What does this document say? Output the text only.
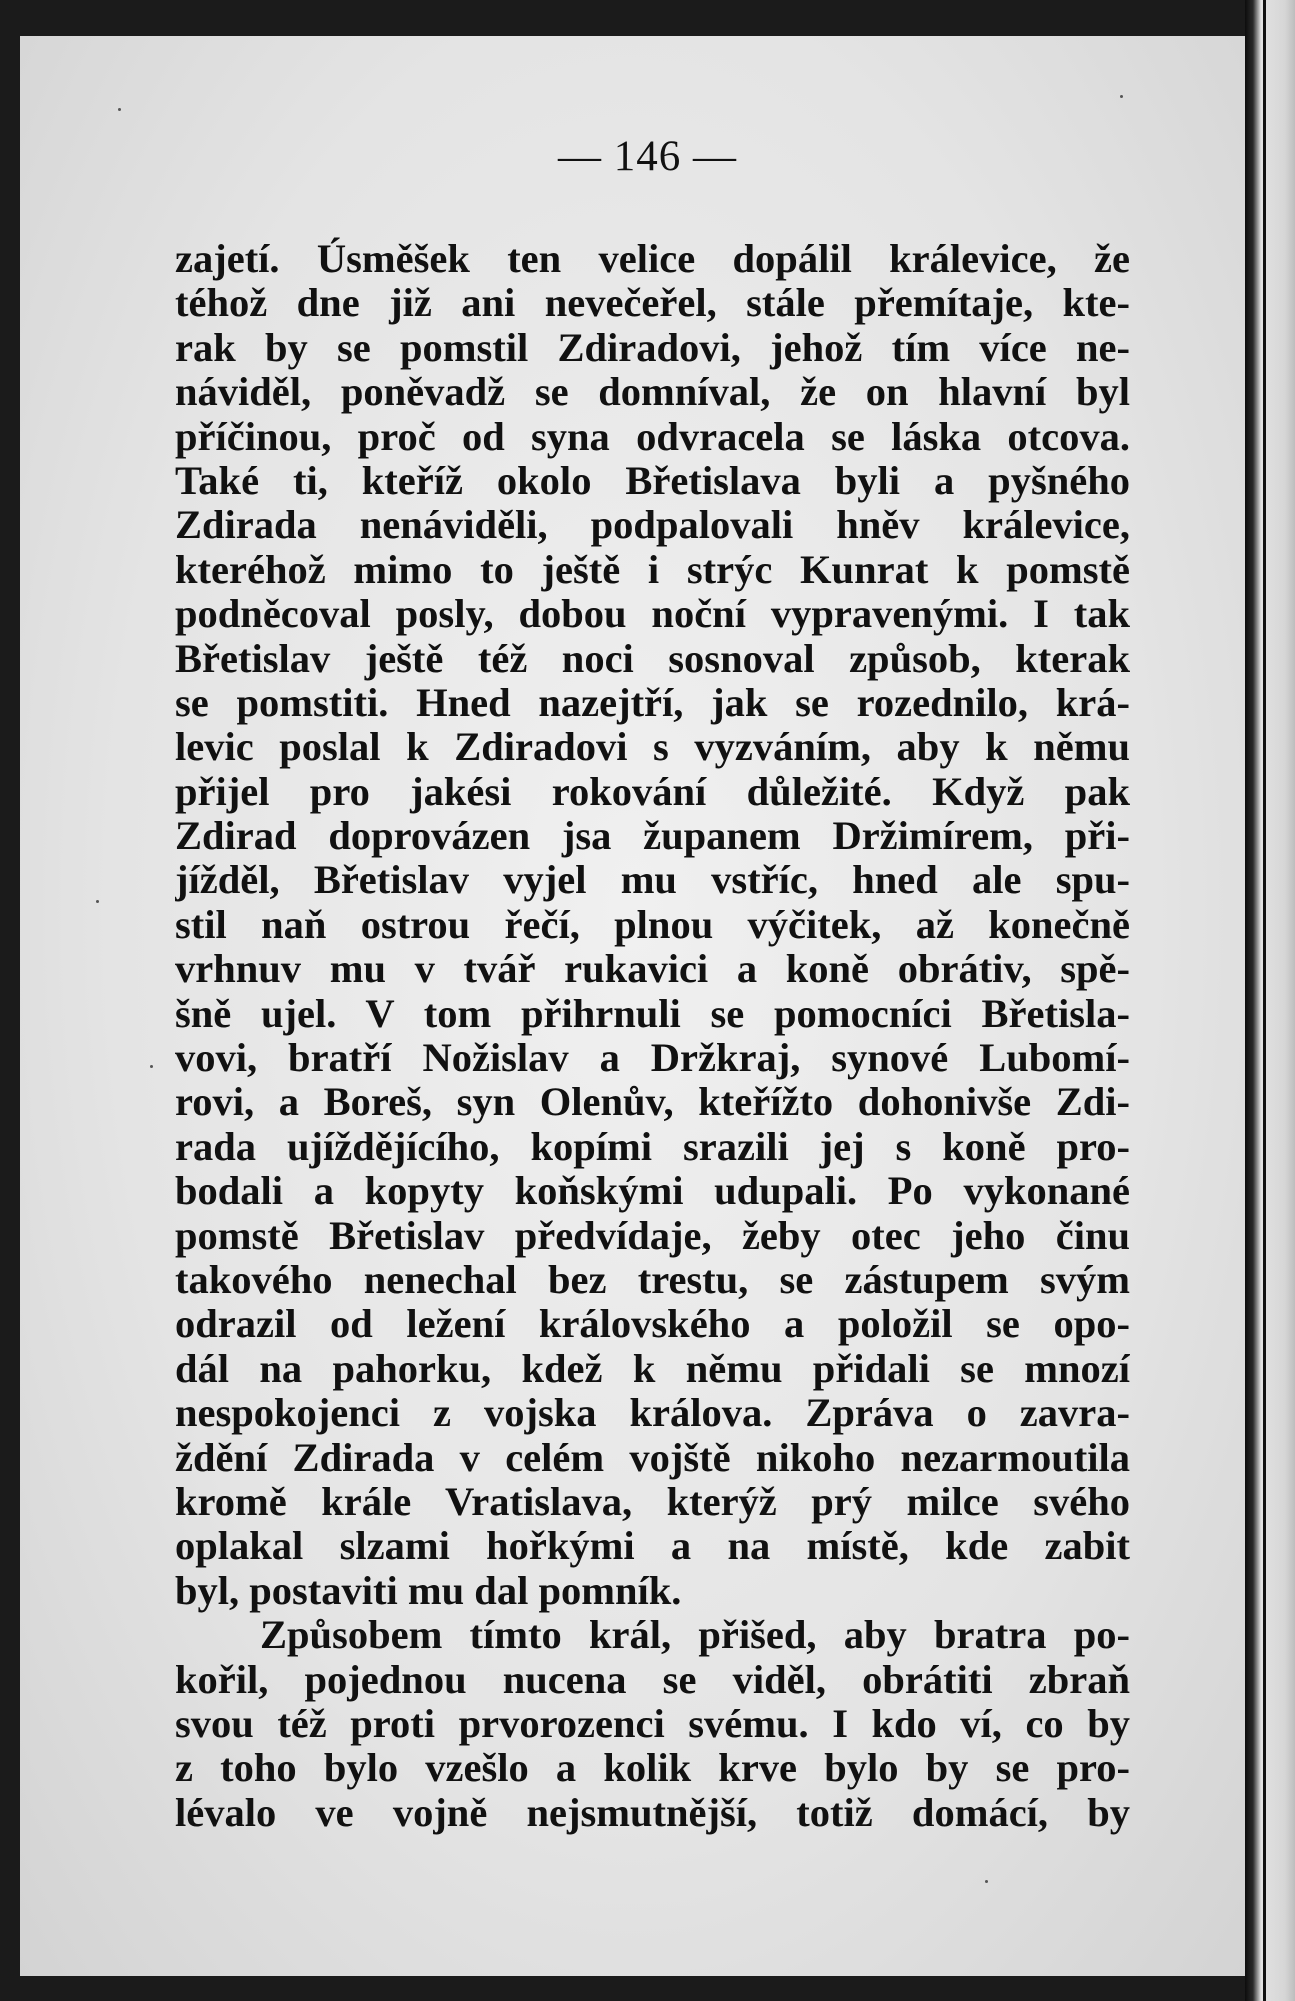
— 146 —
zajetí. Úsměšek ten velice dopálil králevice, že
téhož dne již ani nevečeřel, stále přemítaje, kte-
rak by se pomstil Zdiradovi, jehož tím více ne-
náviděl, poněvadž se domníval, že on hlavní byl
příčinou, proč od syna odvracela se láska otcova.
Také ti, kteříž okolo Břetislava byli a pyšného
Zdirada nenáviděli, podpalovali hněv králevice,
kteréhož mimo to ještě i strýc Kunrat k pomstě
podněcoval posly, dobou noční vypravenými. I tak
Břetislav ještě též noci sosnoval způsob, kterak
se pomstiti. Hned nazejtří, jak se rozednilo, krá-
levic poslal k Zdiradovi s vyzváním, aby k němu
přijel pro jakési rokování důležité. Když pak
Zdirad doprovázen jsa županem Držimírem, při-
jížděl, Břetislav vyjel mu vstříc, hned ale spu-
stil naň ostrou řečí, plnou výčitek, až konečně
vrhnuv mu v tvář rukavici a koně obrátiv, spě-
šně ujel. V tom přihrnuli se pomocníci Břetisla-
vovi, bratří Nožislav a Držkraj, synové Lubomí-
rovi, a Boreš, syn Olenův, kteřížto dohonivše Zdi-
rada ujíždějícího, kopími srazili jej s koně pro-
bodali a kopyty koňskými udupali. Po vykonané
pomstě Břetislav předvídaje, žeby otec jeho činu
takového nenechal bez trestu, se zástupem svým
odrazil od ležení královského a položil se opo-
dál na pahorku, kdež k němu přidali se mnozí
nespokojenci z vojska králova. Zpráva o zavra-
ždění Zdirada v celém vojště nikoho nezarmoutila
kromě krále Vratislava, kterýž prý milce svého
oplakal slzami hořkými a na místě, kde zabit
byl, postaviti mu dal pomník.
Způsobem tímto král, přišed, aby bratra po-
kořil, pojednou nucena se viděl, obrátiti zbraň
svou též proti prvorozenci svému. I kdo ví, co by
z toho bylo vzešlo a kolik krve bylo by se pro-
lévalo ve vojně nejsmutnější, totiž domácí, by
